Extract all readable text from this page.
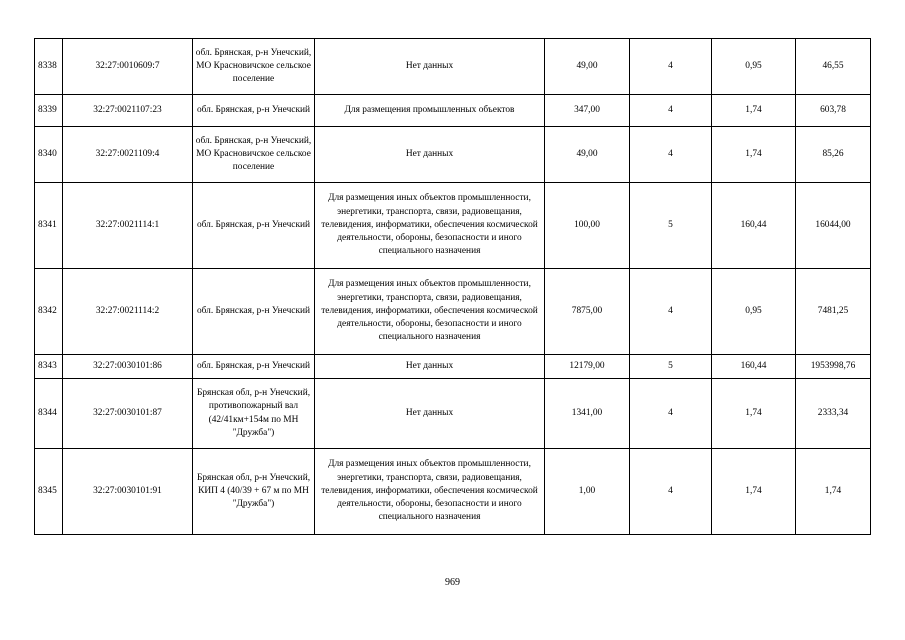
8338	32:27:0010609:7	обл. Брянская, р-н Унечский, МО Красновичское сельское поселение	Нет данных	49,00	4	0,95	46,55
8339	32:27:0021107:23	обл. Брянская, р-н Унечский	Для размещения промышленных объектов	347,00	4	1,74	603,78
8340	32:27:0021109:4	обл. Брянская, р-н Унечский, МО Красновичское сельское поселение	Нет данных	49,00	4	1,74	85,26
8341	32:27:0021114:1	обл. Брянская, р-н Унечский	Для размещения иных объектов промышленности, энергетики, транспорта, связи, радиовещания, телевидения, информатики, обеспечения космической деятельности, обороны, безопасности и иного специального назначения	100,00	5	160,44	16044,00
8342	32:27:0021114:2	обл. Брянская, р-н Унечский	Для размещения иных объектов промышленности, энергетики, транспорта, связи, радиовещания, телевидения, информатики, обеспечения космической деятельности, обороны, безопасности и иного специального назначения	7875,00	4	0,95	7481,25
8343	32:27:0030101:86	обл. Брянская, р-н Унечский	Нет данных	12179,00	5	160,44	1953998,76
8344	32:27:0030101:87	Брянская обл, р-н Унечский, противопожарный вал (42/41км+154м по МН "Дружба")	Нет данных	1341,00	4	1,74	2333,34
8345	32:27:0030101:91	Брянская обл, р-н Унечский, КИП 4 (40/39 + 67 м по МН "Дружба")	Для размещения иных объектов промышленности, энергетики, транспорта, связи, радиовещания, телевидения, информатики, обеспечения космической деятельности, обороны, безопасности и иного специального назначения	1,00	4	1,74	1,74
969
